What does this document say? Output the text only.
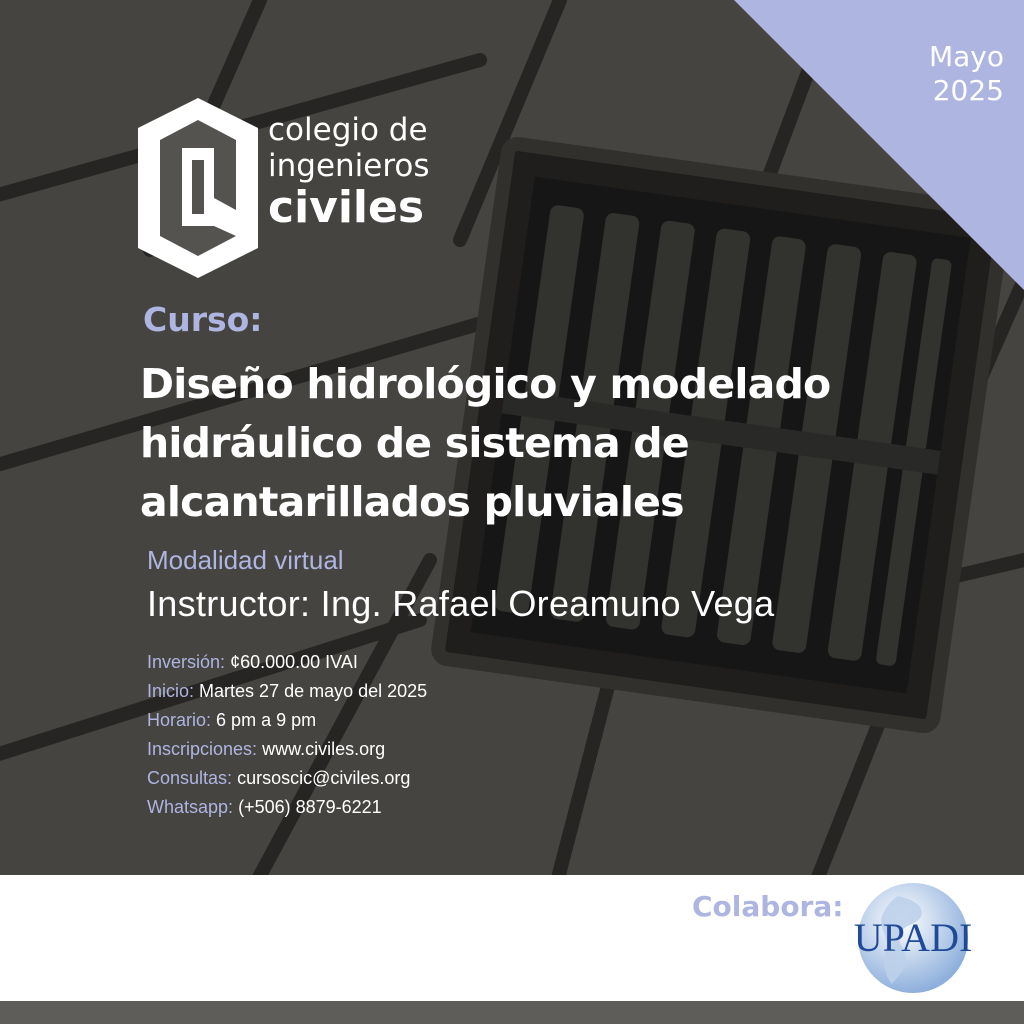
Mayo
2025
colegio de
ingenieros
civiles
Curso:
Diseño hidrológico y modelado
hidráulico de sistema de
alcantarillados pluviales
Modalidad virtual
Instructor: Ing. Rafael Oreamuno Vega
Inversión: ¢60.000.00 IVAI
Inicio: Martes 27 de mayo del 2025
Horario: 6 pm a 9 pm
Inscripciones: www.civiles.org
Consultas: cursoscic@civiles.org
Whatsapp: (+506) 8879-6221
Colabora:
UPADI
